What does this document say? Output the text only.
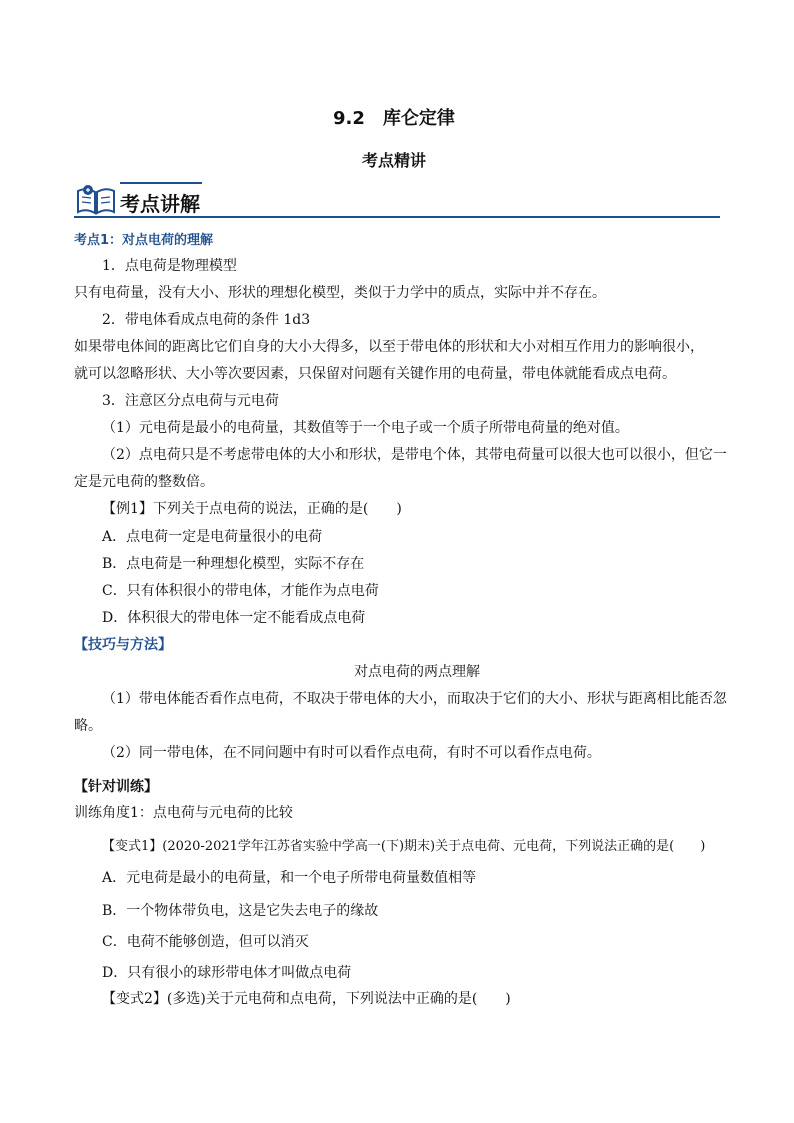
9.2　库仑定律
考点精讲
考点讲解
考点1：对点电荷的理解
1．点电荷是物理模型
只有电荷量，没有大小、形状的理想化模型，类似于力学中的质点，实际中并不存在。
2．带电体看成点电荷的条件 1d3
如果带电体间的距离比它们自身的大小大得多，以至于带电体的形状和大小对相互作用力的影响很小，
就可以忽略形状、大小等次要因素，只保留对问题有关键作用的电荷量，带电体就能看成点电荷。
3．注意区分点电荷与元电荷
（1）元电荷是最小的电荷量，其数值等于一个电子或一个质子所带电荷量的绝对值。
（2）点电荷只是不考虑带电体的大小和形状，是带电个体，其带电荷量可以很大也可以很小，但它一
定是元电荷的整数倍。
【例1】下列关于点电荷的说法，正确的是(　　)
A．点电荷一定是电荷量很小的电荷
B．点电荷是一种理想化模型，实际不存在
C．只有体积很小的带电体，才能作为点电荷
D．体积很大的带电体一定不能看成点电荷
【技巧与方法】
对点电荷的两点理解
（1）带电体能否看作点电荷，不取决于带电体的大小，而取决于它们的大小、形状与距离相比能否忽
略。
（2）同一带电体，在不同问题中有时可以看作点电荷，有时不可以看作点电荷。
【针对训练】
训练角度1：点电荷与元电荷的比较
【变式1】(2020-2021学年江苏省实验中学高一(下)期末)关于点电荷、元电荷，下列说法正确的是(　　)
A．元电荷是最小的电荷量，和一个电子所带电荷量数值相等
B．一个物体带负电，这是它失去电子的缘故
C．电荷不能够创造，但可以消灭
D．只有很小的球形带电体才叫做点电荷
【变式2】(多选)关于元电荷和点电荷，下列说法中正确的是(　　)
